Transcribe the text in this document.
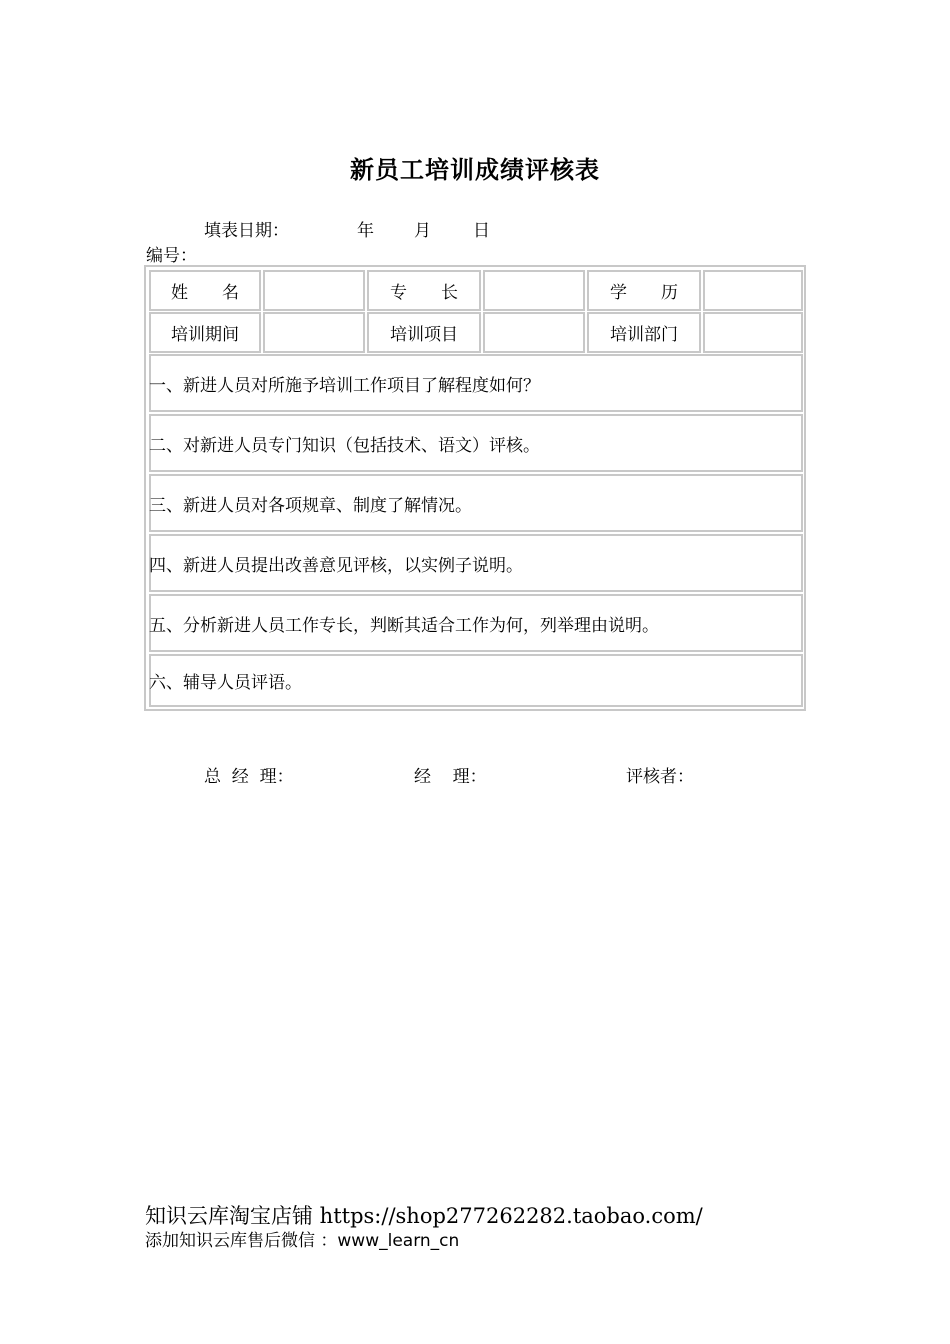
新员工培训成绩评核表
填表日期：	年 月 日
编号：
姓　　名	专　　长	学　　历
培训期间	培训项目	培训部门
一、新进人员对所施予培训工作项目了解程度如何？
二、对新进人员专门知识（包括技术、语文）评核。
三、新进人员对各项规章、制度了解情况。
四、新进人员提出改善意见评核，以实例子说明。
五、分析新进人员工作专长，判断其适合工作为何，列举理由说明。
六、辅导人员评语。
总  经  理：	经    理：	评核者：
知识云库淘宝店铺 https://shop277262282.taobao.com/
添加知识云库售后微信 ：www_learn_cn
